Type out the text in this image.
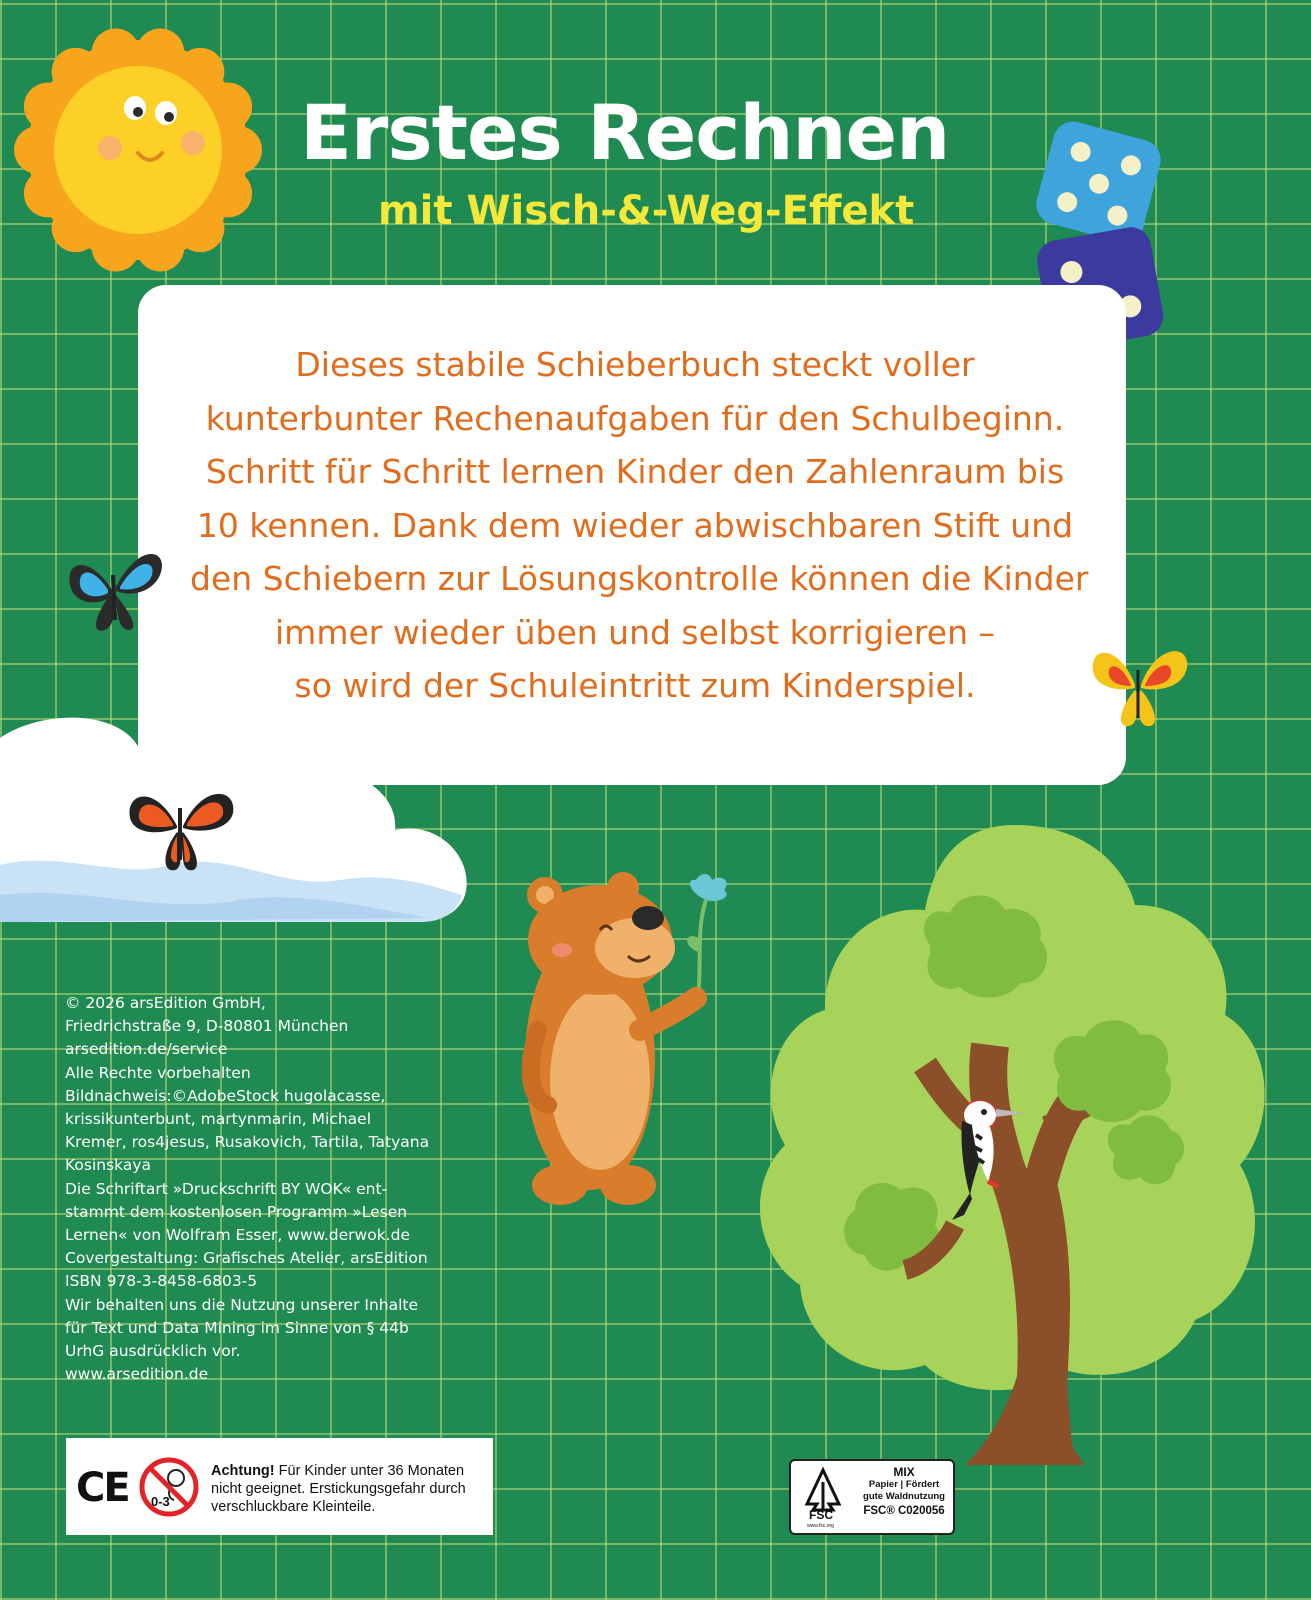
Erstes Rechnen
mit Wisch-&-Weg-Effekt
Dieses stabile Schieberbuch steckt voller
kunterbunter Rechenaufgaben für den Schulbeginn.
Schritt für Schritt lernen Kinder den Zahlenraum bis
10 kennen. Dank dem wieder abwischbaren Stift und
den Schiebern zur Lösungskontrolle können die Kinder
immer wieder üben und selbst korrigieren –
so wird der Schuleintritt zum Kinderspiel.
© 2026 arsEdition GmbH,
Friedrichstraße 9, D-80801 München
arsedition.de/service
Alle Rechte vorbehalten
Bildnachweis:©AdobeStock hugolacasse,
krissikunterbunt, martynmarin, Michael
Kremer, ros4jesus, Rusakovich, Tartila, Tatyana
Kosinskaya
Die Schriftart »Druckschrift BY WOK« ent-
stammt dem kostenlosen Programm »Lesen
Lernen« von Wolfram Esser, www.derwok.de
Covergestaltung: Grafisches Atelier, arsEdition
ISBN 978-3-8458-6803-5
Wir behalten uns die Nutzung unserer Inhalte
für Text und Data Mining im Sinne von § 44b
UrhG ausdrücklich vor.
www.arsedition.de
CE 0-3
Achtung! Für Kinder unter 36 Monaten nicht geeignet. Erstickungsgefahr durch verschluckbare Kleinteile.	FSC
www.fsc.org
MIX
Papier | Fördert
gute Waldnutzung
FSC® C020056
